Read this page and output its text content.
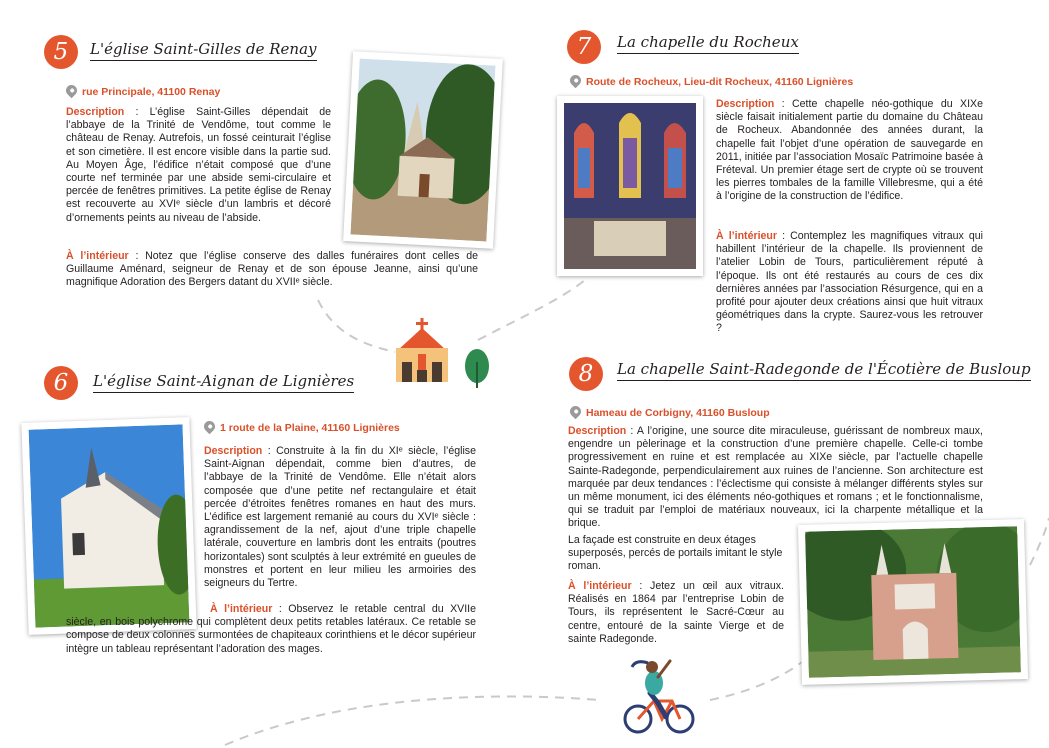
5	L'église Saint-Gilles de Renay
rue Principale, 41100 Renay
Description : L’église Saint-Gilles dépendait de l’abbaye de la Trinité de Vendôme, tout comme le château de Renay. Autrefois, un fossé ceinturait l’église et son cimetière. Il est encore visible dans la partie sud. Au Moyen Âge, l’édifice n’était composé que d’une courte nef terminée par une abside semi-circulaire et percée de fenêtres primitives. La petite église de Renay est recouverte au XVIᵉ siècle d’un lambris et décoré d’ornements peints au niveau de l’abside.
À l’intérieur : Notez que l’église conserve des dalles funéraires dont celles de Guillaume Aménard, seigneur de Renay et de son épouse Jeanne, ainsi qu’une magnifique Adoration des Bergers datant du XVIIᵉ siècle.
6	L'église Saint-Aignan de Lignières
1 route de la Plaine, 41160 Lignières
Description : Construite à la fin du XIᵉ siècle, l’église Saint-Aignan dépendait, comme bien d’autres, de l’abbaye de la Trinité de Vendôme. Elle n’était alors composée que d’une petite nef rectangulaire et était percée d’étroites fenêtres romanes en haut des murs. L’édifice est largement remanié au cours du XVIᵉ siècle : agrandissement de la nef, ajout d’une triple chapelle latérale, couverture en lambris dont les entraits (poutres horizontales) sont sculptés à leur extrémité en gueules de monstres et portent en leur milieu les armoiries des seigneurs du Tertre.
À l’intérieur : Observez le retable central du XVIIe siècle, en bois polychrome qui complètent deux petits retables latéraux. Ce retable se compose de deux colonnes surmontées de chapiteaux corinthiens et le décor supérieur intègre un tableau représentant l’adoration des mages.
7	La chapelle du Rocheux
Route de Rocheux, Lieu-dit Rocheux, 41160 Lignières
Description : Cette chapelle néo-gothique du XIXe siècle faisait initialement partie du domaine du Château de Rocheux. Abandonnée des années durant, la chapelle fait l’objet d’une opération de sauvegarde en 2011, initiée par l’association Mosaïc Patrimoine basée à Fréteval. Un premier étage sert de crypte où se trouvent les pierres tombales de la famille Villebresme, qui a été à l’origine de la construction de l’édifice.
À l’intérieur : Contemplez les magnifiques vitraux qui habillent l’intérieur de la chapelle. Ils proviennent de l’atelier Lobin de Tours, particulièrement réputé à l’époque. Ils ont été restaurés au cours de ces dix dernières années par l’association Résurgence, qui en a profité pour ajouter deux créations ainsi que huit vitraux géométriques dans la crypte. Saurez-vous les retrouver ?
8	La chapelle Saint-Radegonde de l'Écotière de Busloup
Hameau de Corbigny, 41160 Busloup
Description : A l’origine, une source dite miraculeuse, guérissant de nombreux maux, engendre un pèlerinage et la construction d’une première chapelle. Celle-ci tombe progressivement en ruine et est remplacée au XIXe siècle, par l’actuelle chapelle Sainte-Radegonde, perpendiculairement aux ruines de l’ancienne. Son architecture est marquée par deux tendances : l’éclectisme qui consiste à mélanger différents styles sur un même monument, ici des éléments néo-gothiques et romans ; et le fonctionnalisme, qui se traduit par l’emploi de matériaux nouveaux, ici la charpente métallique et la brique.
La façade est construite en deux étages superposés, percés de portails imitant le style roman.
À l’intérieur : Jetez un œil aux vitraux. Réalisés en 1864 par l’entreprise Lobin de Tours, ils représentent le Sacré-Cœur au centre, entouré de la sainte Vierge et de sainte Radegonde.
